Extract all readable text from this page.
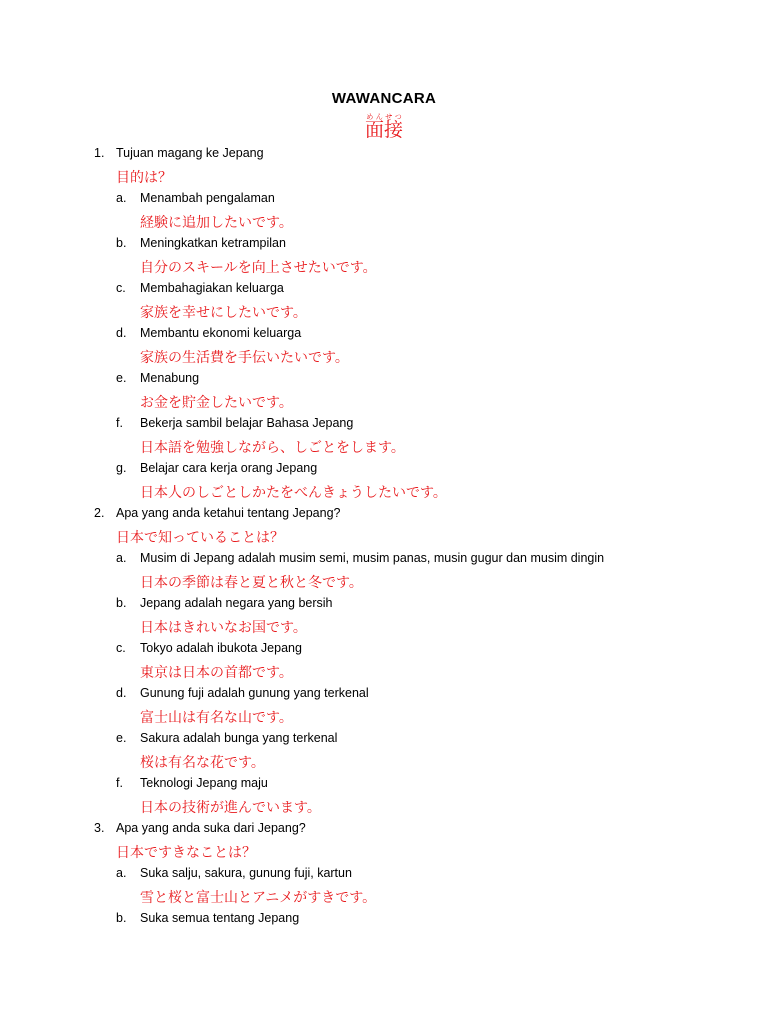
WAWANCARA
面接めんせつ
1. Tujuan magang ke Jepang
目的は？
a. Menambah pengalaman
経験に追加したいです。
b. Meningkatkan ketrampilan
自分のスキールを向上させたいです。
c. Membahagiakan keluarga
家族を幸せにしたいです。
d. Membantu ekonomi keluarga
家族の生活費を手伝いたいです。
e. Menabung
お金を貯金したいです。
f. Bekerja sambil belajar Bahasa Jepang
日本語を勉強しながら、しごとをします。
g. Belajar cara kerja orang Jepang
日本人のしごとしかたをべんきょうしたいです。
2. Apa yang anda ketahui tentang Jepang?
日本で知っていることは？
a. Musim di Jepang adalah musim semi, musim panas, musin gugur dan musim dingin
日本の季節は春と夏と秋と冬です。
b. Jepang adalah negara yang bersih
日本はきれいなお国です。
c. Tokyo adalah ibukota Jepang
東京は日本の首都です。
d. Gunung fuji adalah gunung yang terkenal
富士山は有名な山です。
e. Sakura adalah bunga yang terkenal
桜は有名な花です。
f. Teknologi Jepang maju
日本の技術が進んでいます。
3. Apa yang anda suka dari Jepang?
日本ですきなことは？
a. Suka salju, sakura, gunung fuji, kartun
雪と桜と富士山とアニメがすきです。
b. Suka semua tentang Jepang
